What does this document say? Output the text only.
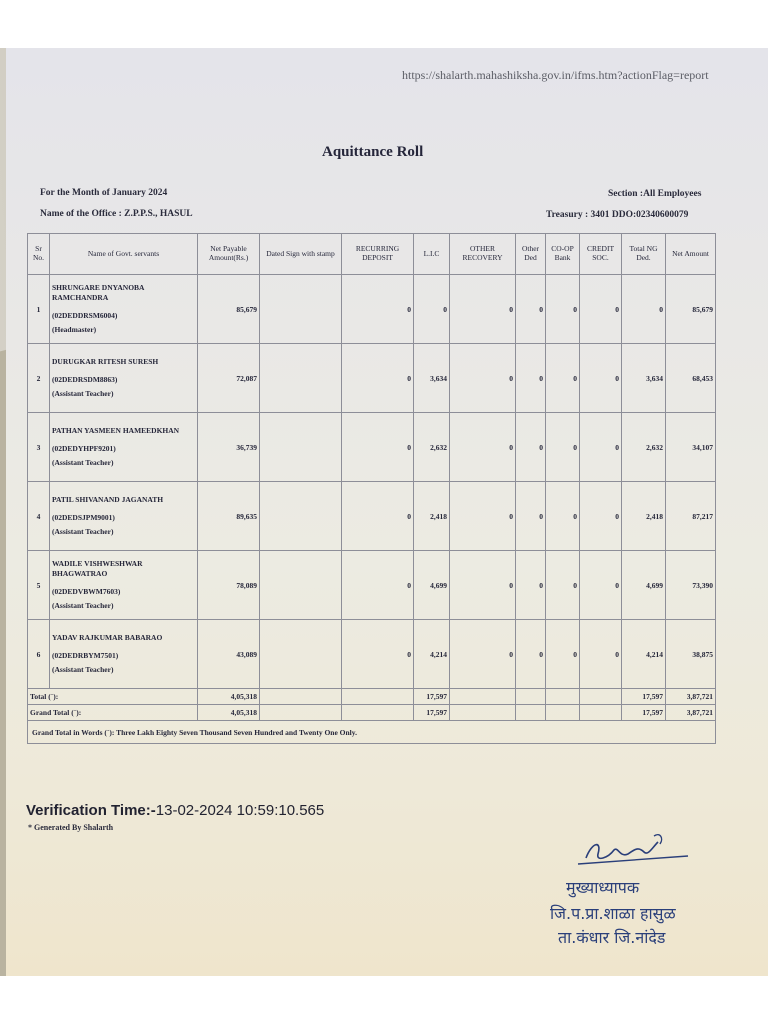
https://shalarth.mahashiksha.gov.in/ifms.htm?actionFlag=report
Aquittance Roll
For the Month of January 2024
Name of the Office : Z.P.P.S., HASUL
Section :All Employees
Treasury : 3401 DDO:02340600079
Sr No.	Name of Govt. servants	Net Payable Amount(Rs.)	Dated Sign with stamp	RECURRING DEPOSIT	L.I.C	OTHER RECOVERY	Other Ded	CO-OP Bank	CREDIT SOC.	Total NG Ded.	Net Amount
1	SHRUNGARE DNYANOBA RAMCHANDRA
(02DEDDRSM6004)
(Headmaster)	85,679		0	0	0	0	0	0	0	85,679
2	DURUGKAR RITESH SURESH
(02DEDRSDM8863)
(Assistant Teacher)	72,087		0	3,634	0	0	0	0	3,634	68,453
3	PATHAN YASMEEN HAMEEDKHAN
(02DEDYHPF9201)
(Assistant Teacher)	36,739		0	2,632	0	0	0	0	2,632	34,107
4	PATIL SHIVANAND JAGANATH
(02DEDSJPM9001)
(Assistant Teacher)	89,635		0	2,418	0	0	0	0	2,418	87,217
5	WADILE VISHWESHWAR BHAGWATRAO
(02DEDVBWM7603)
(Assistant Teacher)	78,089		0	4,699	0	0	0	0	4,699	73,390
6	YADAV RAJKUMAR BABARAO
(02DEDRBYM7501)
(Assistant Teacher)	43,089		0	4,214	0	0	0	0	4,214	38,875
Total (`):		4,05,318			17,597					17,597	3,87,721
Grand Total (`):		4,05,318			17,597					17,597	3,87,721
Grand Total in Words (`): Three Lakh Eighty Seven Thousand Seven Hundred and Twenty One Only.											
Verification Time:-13-02-2024 10:59:10.565
* Generated By Shalarth
मुख्याध्यापक
जि.प.प्रा.शाळा हासुळ
ता.कंधार जि.नांदेड
